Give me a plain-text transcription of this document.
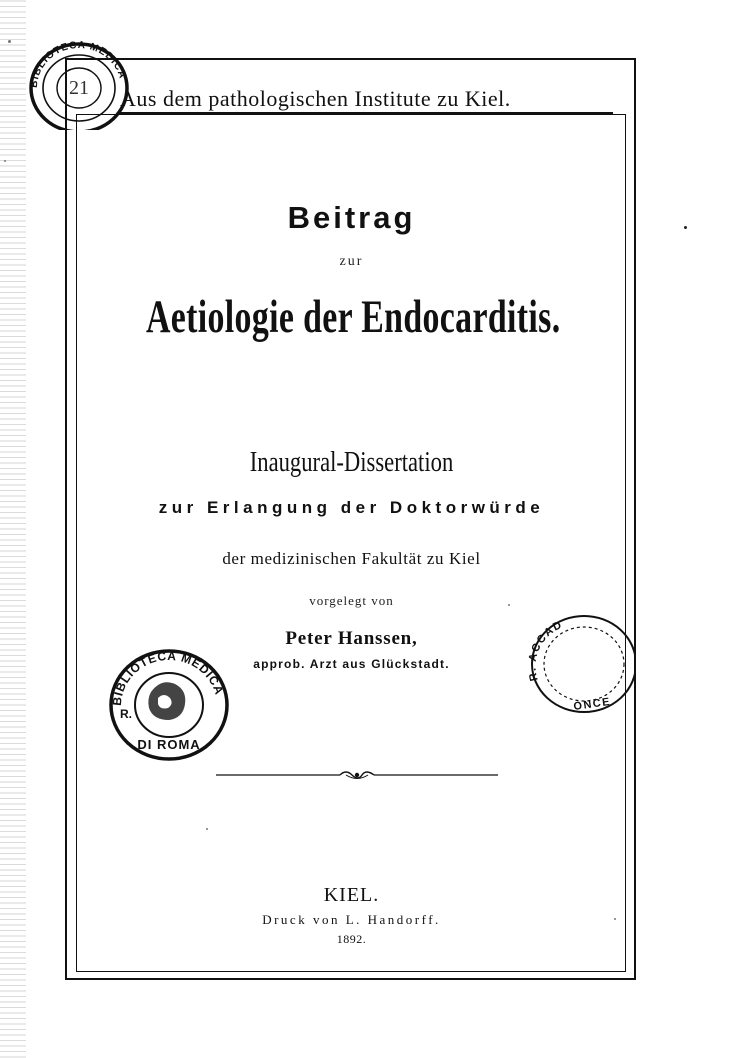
Aus dem pathologischen Institute zu Kiel.
Beitrag
zur
Aetiologie der Endocarditis.
Inaugural-Dissertation
zur Erlangung der Doktorwürde
der medizinischen Fakultät zu Kiel
vorgelegt von
Peter Hanssen,
approb. Arzt aus Glückstadt.
KIEL.
Druck von L. Handorff.
1892.
BIBLIOTECA MEDICA
21
BIBLIOTECA MEDICA
DI ROMA
R.
R. ACCAD
ONCE
